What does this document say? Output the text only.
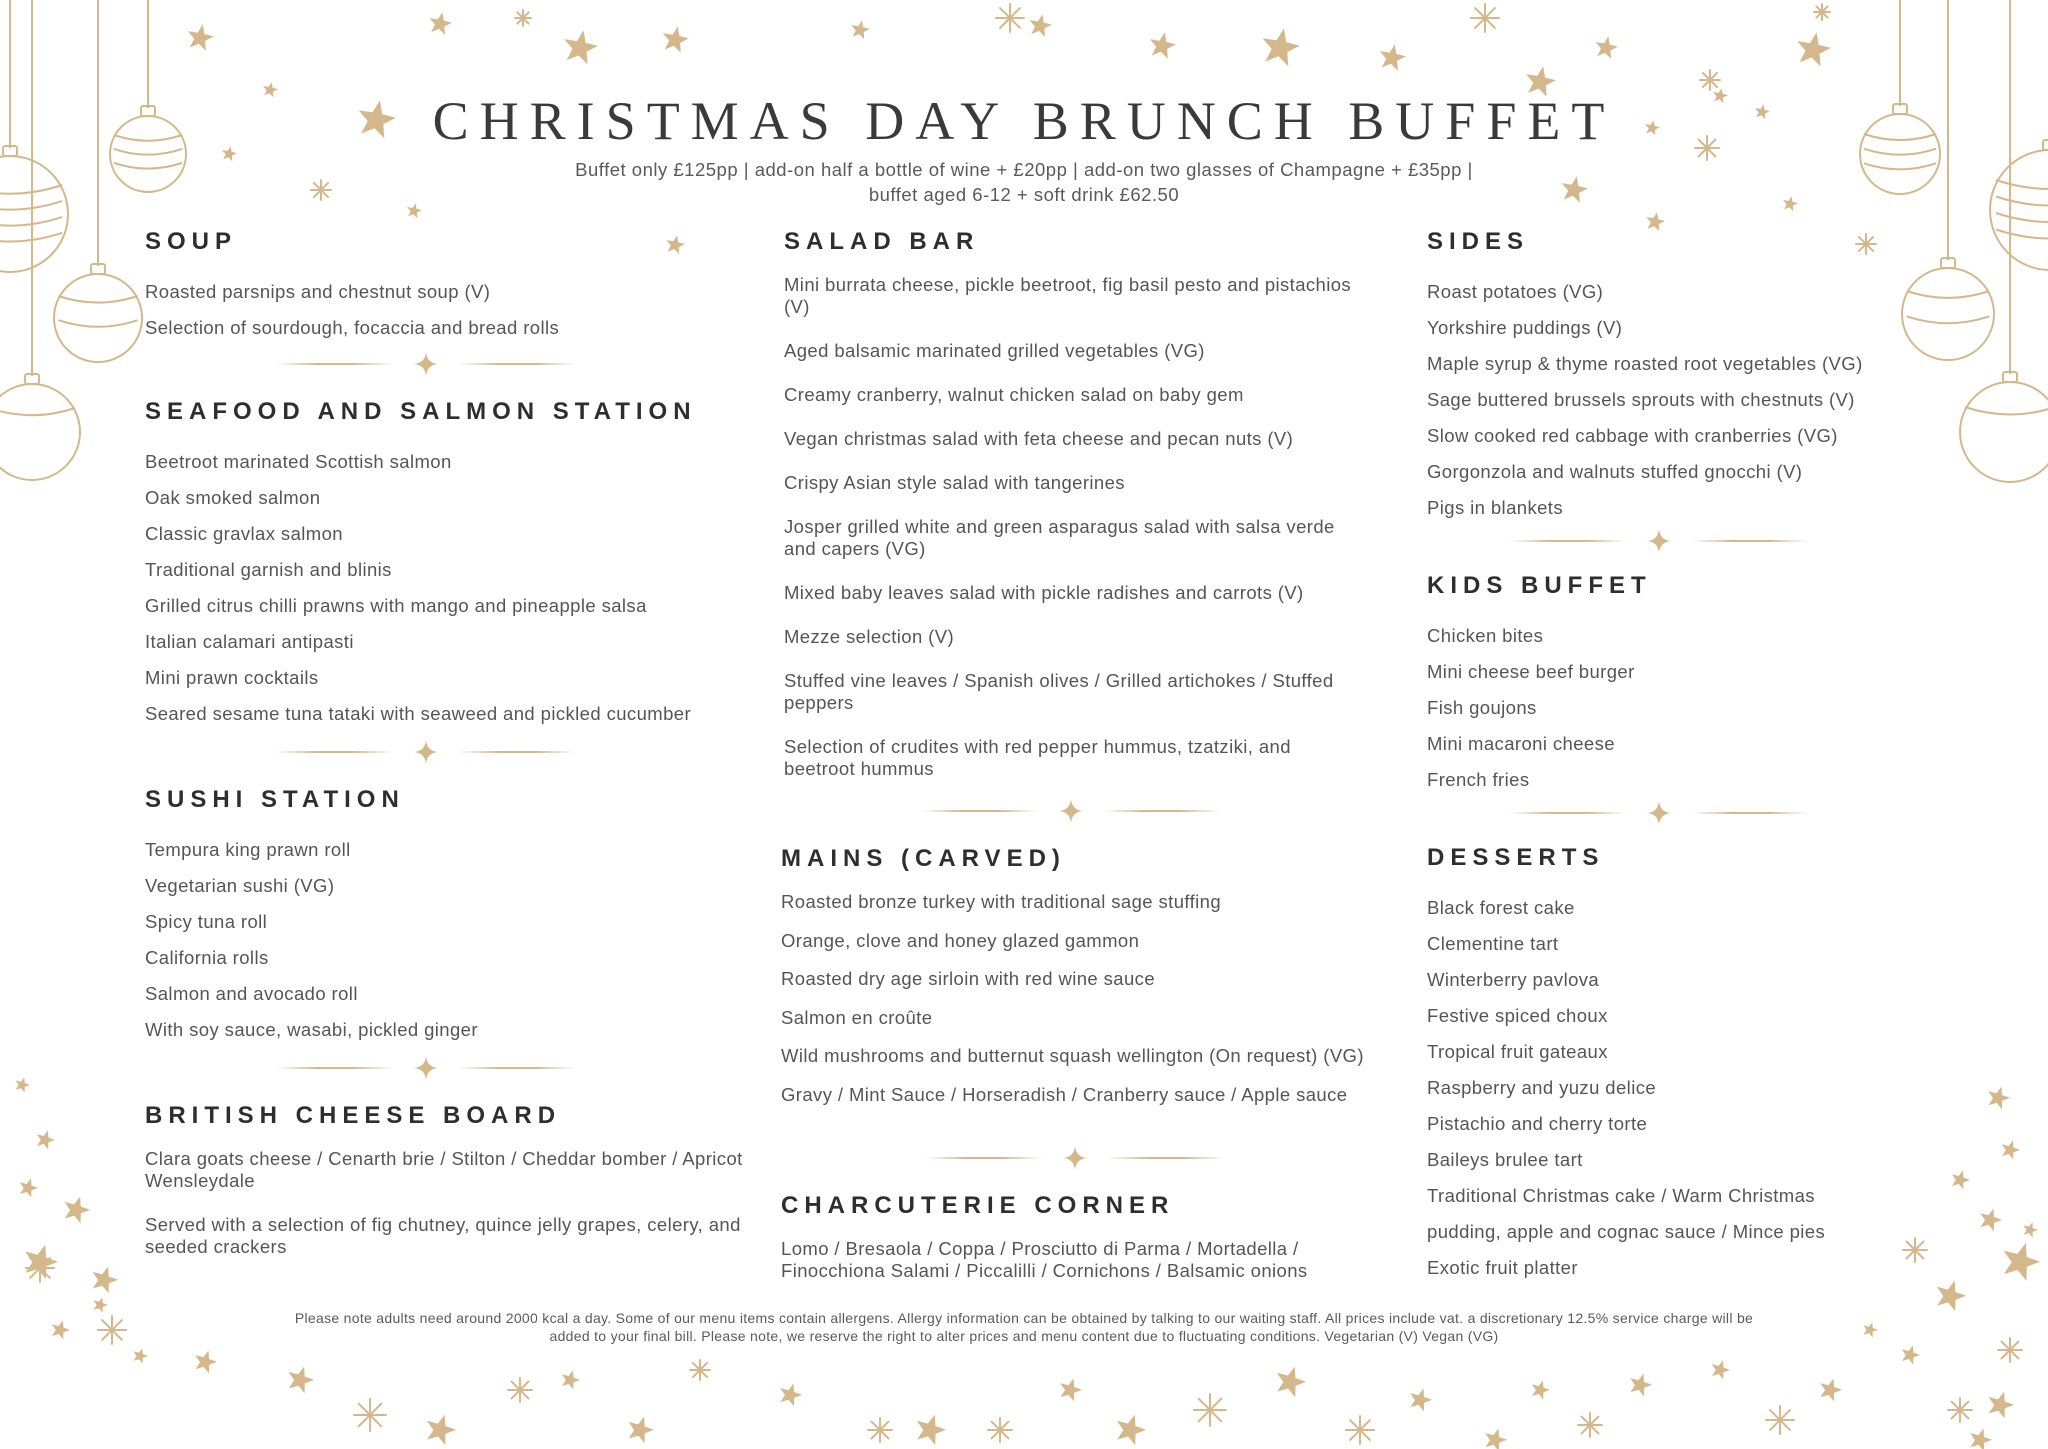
CHRISTMAS DAY BRUNCH BUFFET
Buffet only £125pp | add-on half a bottle of wine + £20pp | add-on two glasses of Champagne + £35pp |
buffet aged 6-12 + soft drink £62.50
SOUP
Roasted parsnips and chestnut soup (V)
Selection of sourdough, focaccia and bread rolls
SEAFOOD AND SALMON STATION
Beetroot marinated Scottish salmon
Oak smoked salmon
Classic gravlax salmon
Traditional garnish and blinis
Grilled citrus chilli prawns with mango and pineapple salsa
Italian calamari antipasti
Mini prawn cocktails
Seared sesame tuna tataki with seaweed and pickled cucumber
SUSHI STATION
Tempura king prawn roll
Vegetarian sushi (VG)
Spicy tuna roll
California rolls
Salmon and avocado roll
With soy sauce, wasabi, pickled ginger
BRITISH CHEESE BOARD
Clara goats cheese / Cenarth brie / Stilton / Cheddar bomber / Apricot Wensleydale
Served with a selection of fig chutney, quince jelly grapes, celery, and seeded crackers
SALAD BAR
Mini burrata cheese, pickle beetroot, fig basil pesto and pistachios (V)
Aged balsamic marinated grilled vegetables (VG)
Creamy cranberry, walnut chicken salad on baby gem
Vegan christmas salad with feta cheese and pecan nuts (V)
Crispy Asian style salad with tangerines
Josper grilled white and green asparagus salad with salsa verde and capers (VG)
Mixed baby leaves salad with pickle radishes and carrots (V)
Mezze selection (V)
Stuffed vine leaves / Spanish olives / Grilled artichokes / Stuffed peppers
Selection of crudites with red pepper hummus, tzatziki, and beetroot hummus
MAINS (CARVED)
Roasted bronze turkey with traditional sage stuffing
Orange, clove and honey glazed gammon
Roasted dry age sirloin with red wine sauce
Salmon en croûte
Wild mushrooms and butternut squash wellington (On request) (VG)
Gravy / Mint Sauce / Horseradish / Cranberry sauce / Apple sauce
CHARCUTERIE CORNER
Lomo / Bresaola / Coppa / Prosciutto di Parma / Mortadella / Finocchiona Salami / Piccalilli / Cornichons / Balsamic onions
SIDES
Roast potatoes (VG)
Yorkshire puddings (V)
Maple syrup & thyme roasted root vegetables (VG)
Sage buttered brussels sprouts with chestnuts (V)
Slow cooked red cabbage with cranberries (VG)
Gorgonzola and walnuts stuffed gnocchi (V)
Pigs in blankets
KIDS BUFFET
Chicken bites
Mini cheese beef burger
Fish goujons
Mini macaroni cheese
French fries
DESSERTS
Black forest cake
Clementine tart
Winterberry pavlova
Festive spiced choux
Tropical fruit gateaux
Raspberry and yuzu delice
Pistachio and cherry torte
Baileys brulee tart
Traditional Christmas cake / Warm Christmas pudding, apple and cognac sauce / Mince pies
Exotic fruit platter
Please note adults need around 2000 kcal a day. Some of our menu items contain allergens. Allergy information can be obtained by talking to our waiting staff. All prices include vat. a discretionary 12.5% service charge will be
added to your final bill. Please note, we reserve the right to alter prices and menu content due to fluctuating conditions. Vegetarian (V) Vegan (VG)
